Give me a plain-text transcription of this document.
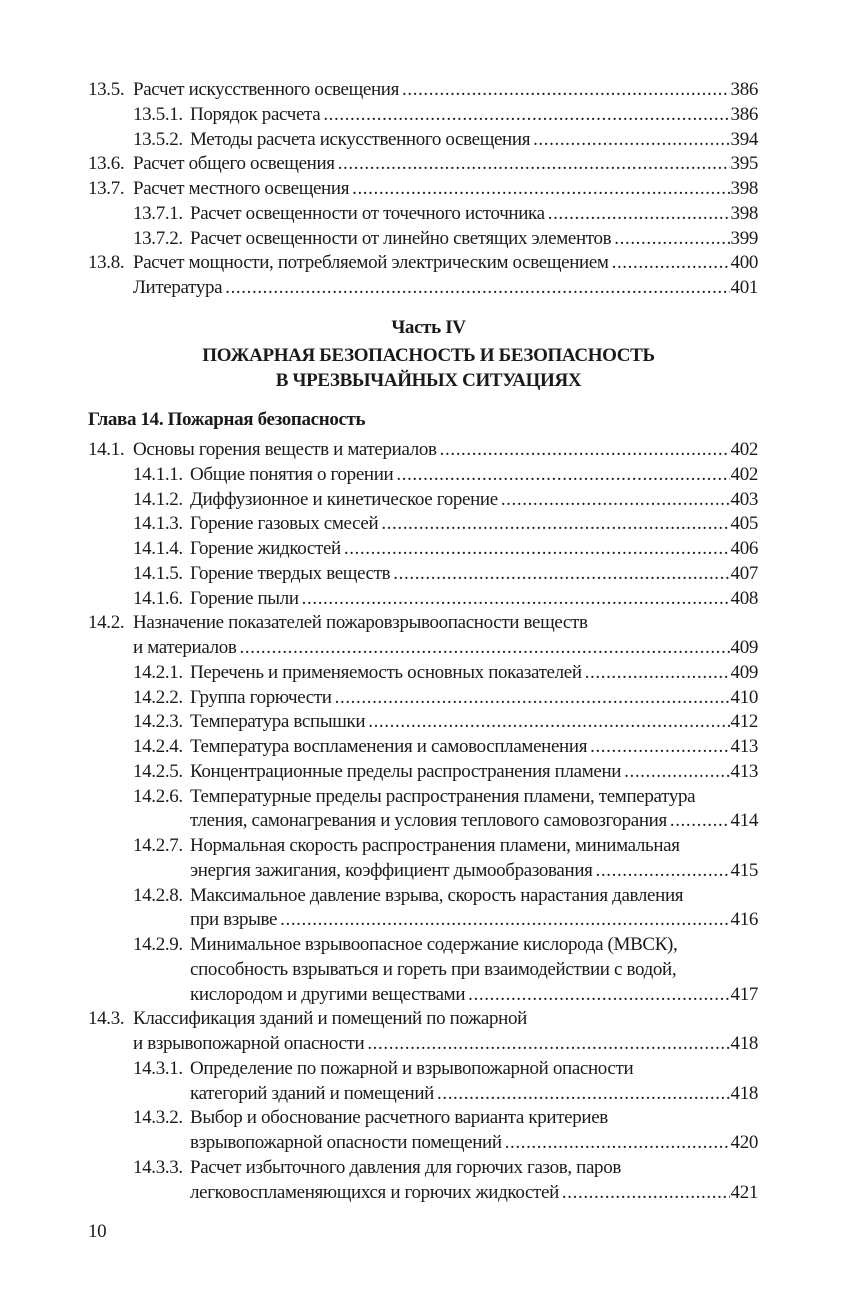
13.5. Расчет искусственного освещения .....	386
13.5.1. Порядок расчета .....	386
13.5.2. Методы расчета искусственного освещения .....	394
13.6. Расчет общего освещения .....	395
13.7. Расчет местного освещения .....	398
13.7.1. Расчет освещенности от точечного источника .....	398
13.7.2. Расчет освещенности от линейно светящих элементов .....	399
13.8. Расчет мощности, потребляемой электрическим освещением .....	400
Литература .....	401
Часть IV
ПОЖАРНАЯ БЕЗОПАСНОСТЬ И БЕЗОПАСНОСТЬ
В ЧРЕЗВЫЧАЙНЫХ СИТУАЦИЯХ
Глава 14. Пожарная безопасность
14.1. Основы горения веществ и материалов .....	402
14.1.1. Общие понятия о горении .....	402
14.1.2. Диффузионное и кинетическое горение .....	403
14.1.3. Горение газовых смесей .....	405
14.1.4. Горение жидкостей .....	406
14.1.5. Горение твердых веществ .....	407
14.1.6. Горение пыли .....	408
14.2. Назначение показателей пожаровзрывоопасности веществ
и материалов .....	409
14.2.1. Перечень и применяемость основных показателей .....	409
14.2.2. Группа горючести .....	410
14.2.3. Температура вспышки .....	412
14.2.4. Температура воспламенения и самовоспламенения .....	413
14.2.5. Концентрационные пределы распространения пламени .....	413
14.2.6. Температурные пределы распространения пламени, температура
тления, самонагревания и условия теплового самовозгорания .....	414
14.2.7. Нормальная скорость распространения пламени, минимальная
энергия зажигания, коэффициент дымообразования .....	415
14.2.8. Максимальное давление взрыва, скорость нарастания давления
при взрыве .....	416
14.2.9. Минимальное взрывоопасное содержание кислорода (МВСК),
способность взрываться и гореть при взаимодействии с водой,
кислородом и другими веществами .....	417
14.3. Классификация зданий и помещений по пожарной
и взрывопожарной опасности .....	418
14.3.1. Определение по пожарной и взрывопожарной опасности
категорий зданий и помещений .....	418
14.3.2. Выбор и обоснование расчетного варианта критериев
взрывопожарной опасности помещений .....	420
14.3.3. Расчет избыточного давления для горючих газов, паров
легковоспламеняющихся и горючих жидкостей .....	421
10
